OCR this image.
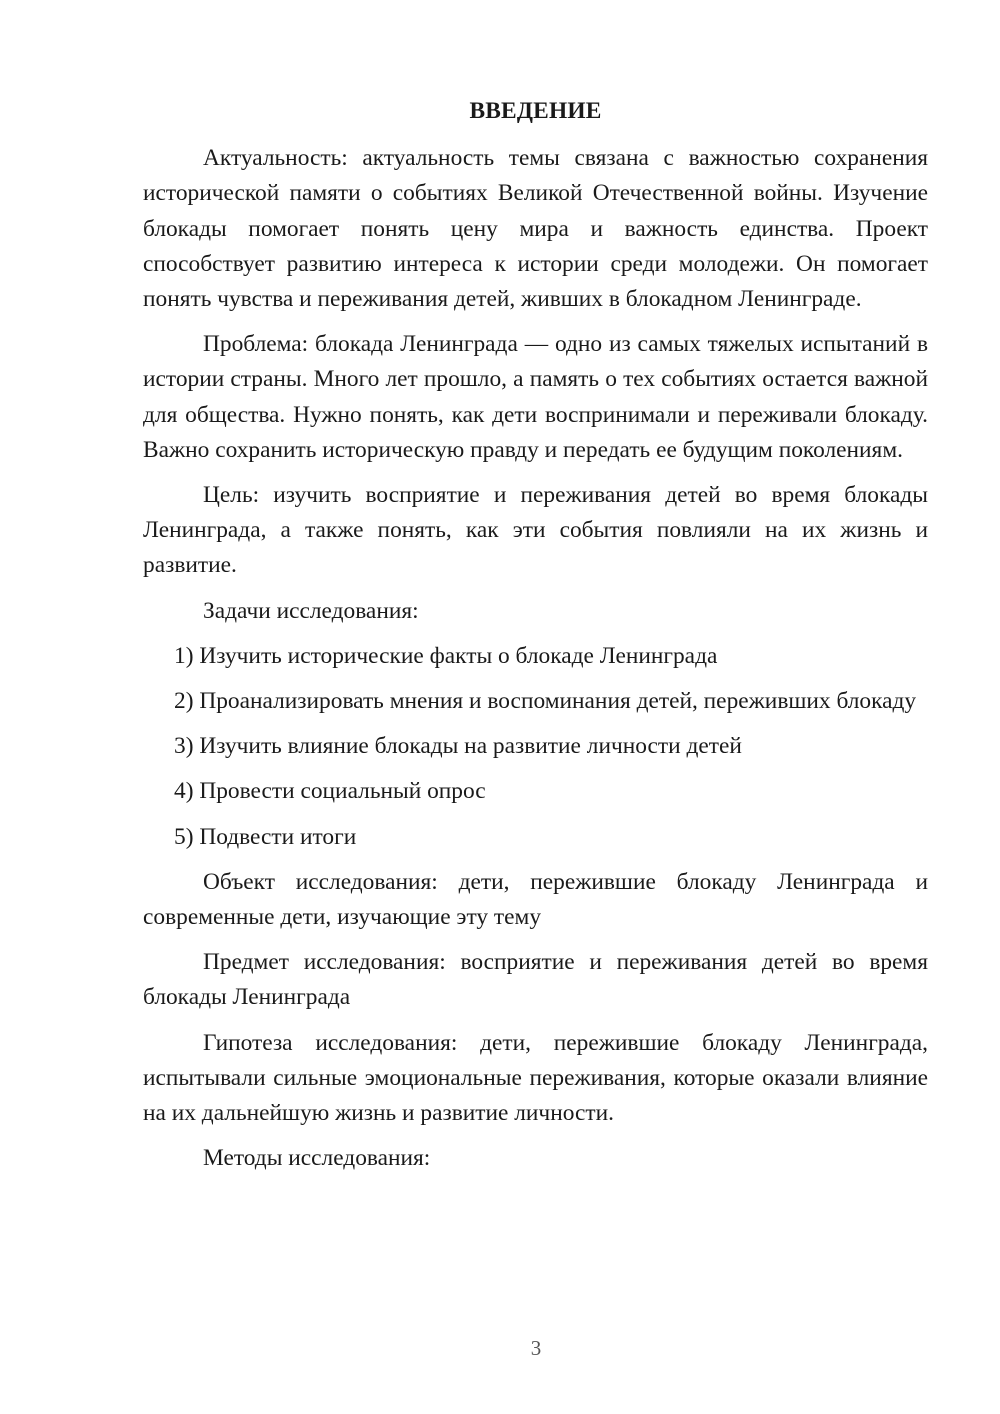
ВВЕДЕНИЕ

Актуальность: актуальность темы связана с важностью сохранения исторической памяти о событиях Великой Отечественной войны. Изучение блокады помогает понять цену мира и важность единства. Проект способствует развитию интереса к истории среди молодежи. Он помогает понять чувства и переживания детей, живших в блокадном Ленинграде.

Проблема: блокада Ленинграда — одно из самых тяжелых испытаний в истории страны. Много лет прошло, а память о тех событиях остается важной для общества. Нужно понять, как дети воспринимали и переживали блокаду. Важно сохранить историческую правду и передать ее будущим поколениям.

Цель: изучить восприятие и переживания детей во время блокады Ленинграда, а также понять, как эти события повлияли на их жизнь и развитие.

Задачи исследования:

1) Изучить исторические факты о блокаде Ленинграда

2) Проанализировать мнения и воспоминания детей, переживших блокаду

3) Изучить влияние блокады на развитие личности детей

4) Провести социальный опрос

5) Подвести итоги

Объект исследования: дети, пережившие блокаду Ленинграда и современные дети, изучающие эту тему

Предмет исследования: восприятие и переживания детей во время блокады Ленинграда

Гипотеза исследования: дети, пережившие блокаду Ленинграда, испытывали сильные эмоциональные переживания, которые оказали влияние на их дальнейшую жизнь и развитие личности.

Методы исследования:

3
